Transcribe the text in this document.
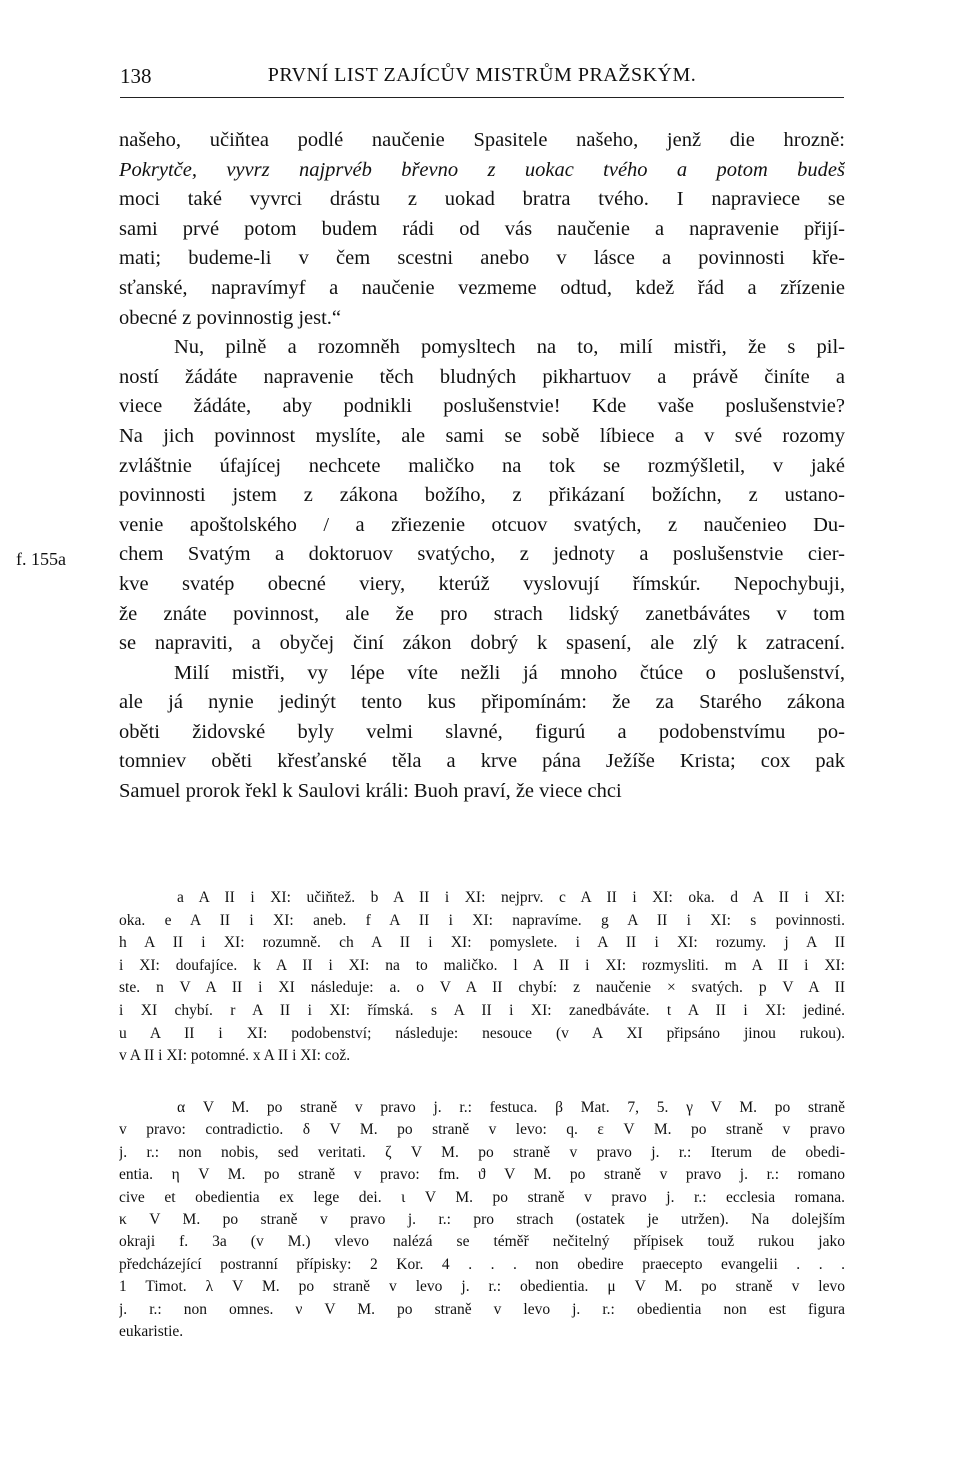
138	PRVNÍ LIST ZAJÍCŮV MISTRŮM PRAŽSKÝM.
f. 155a
našeho, učiňtea podlé naučenie Spasitele našeho, jenž die hrozně:
Pokrytče, vyvrz najprvéb břevno z uokac tvého a potom budeš
moci také vyvrci drástu z uokad bratra tvého. I napraviece se
sami prvé potom budem rádi od vás naučenie a napravenie přijí-
mati; budeme-li v čem scestni anebo v lásce a povinnosti kře-
sťanské, napravímyf a naučenie vezmeme odtud, kdež řád a zřízenie
obecné z povinnostig jest.“
Nu, pilně a rozomněh pomysltech na to, milí mistři, že s pil-
ností žádáte napravenie těch bludných pikhartuov a právě činíte a
viece žádáte, aby podnikli poslušenstvie! Kde vaše poslušenstvie?
Na jich povinnost myslíte, ale sami se sobě líbiece a v své rozomy
zvláštnie úfajícej nechcete maličko na tok se rozmýšletil, v jaké
povinnosti jstem z zákona božího, z přikázaní božíchn, z ustano-
venie apoštolského / a zřiezenie otcuov svatých, z naučenieo Du-
chem Svatým a doktoruov svatýcho, z jednoty a poslušenstvie cier-
kve svatép obecné viery, kterúž vyslovují římskúr. Nepochybuji,
že znáte povinnost, ale že pro strach lidský zanetbávátes v tom
se napraviti, a obyčej činí zákon dobrý k spasení, ale zlý k zatracení.
Milí mistři, vy lépe víte nežli já mnoho čtúce o poslušenství,
ale já nynie jedinýt tento kus připomínám: že za Starého zákona
oběti židovské byly velmi slavné, figurú a podobenstvímu po-
tomniev oběti křesťanské těla a krve pána Ježíše Krista; cox pak
Samuel prorok řekl k Saulovi králi: Buoh praví, že viece chci
a A II i XI: učiňtež. b A II i XI: nejprv. c A II i XI: oka. d A II i XI:
oka. e A II i XI: aneb. f A II i XI: napravíme. g A II i XI: s povinnosti.
h A II i XI: rozumně. ch A II i XI: pomyslete. i A II i XI: rozumy. j A II
i XI: doufajíce. k A II i XI: na to maličko. l A II i XI: rozmysliti. m A II i XI:
ste. n V A II i XI následuje: a. o V A II chybí: z naučenie × svatých. p V A II
i XI chybí. r A II i XI: římská. s A II i XI: zanedbáváte. t A II i XI: jediné.
u A II i XI: podobenství; následuje: nesouce (v A XI připsáno jinou rukou).
v A II i XI: potomné. x A II i XI: což.
α V M. po straně v pravo j. r.: festuca. β Mat. 7, 5. γ V M. po straně
v pravo: contradictio. δ V M. po straně v levo: q. ε V M. po straně v pravo
j. r.: non nobis, sed veritati. ζ V M. po straně v pravo j. r.: Iterum de obedi-
entia. η V M. po straně v pravo: fm. ϑ V M. po straně v pravo j. r.: romano
cive et obedientia ex lege dei. ι V M. po straně v pravo j. r.: ecclesia romana.
κ V M. po straně v pravo j. r.: pro strach (ostatek je utržen). Na dolejším
okraji f. 3a (v M.) vlevo nalézá se téměř nečitelný přípisek touž rukou jako
předcházející postranní přípisky: 2 Kor. 4 . . . non obedire praecepto evangelii . . .
1 Timot. λ V M. po straně v levo j. r.: obedientia. μ V M. po straně v levo
j. r.: non omnes. ν V M. po straně v levo j. r.: obedientia non est figura
eukaristie.
